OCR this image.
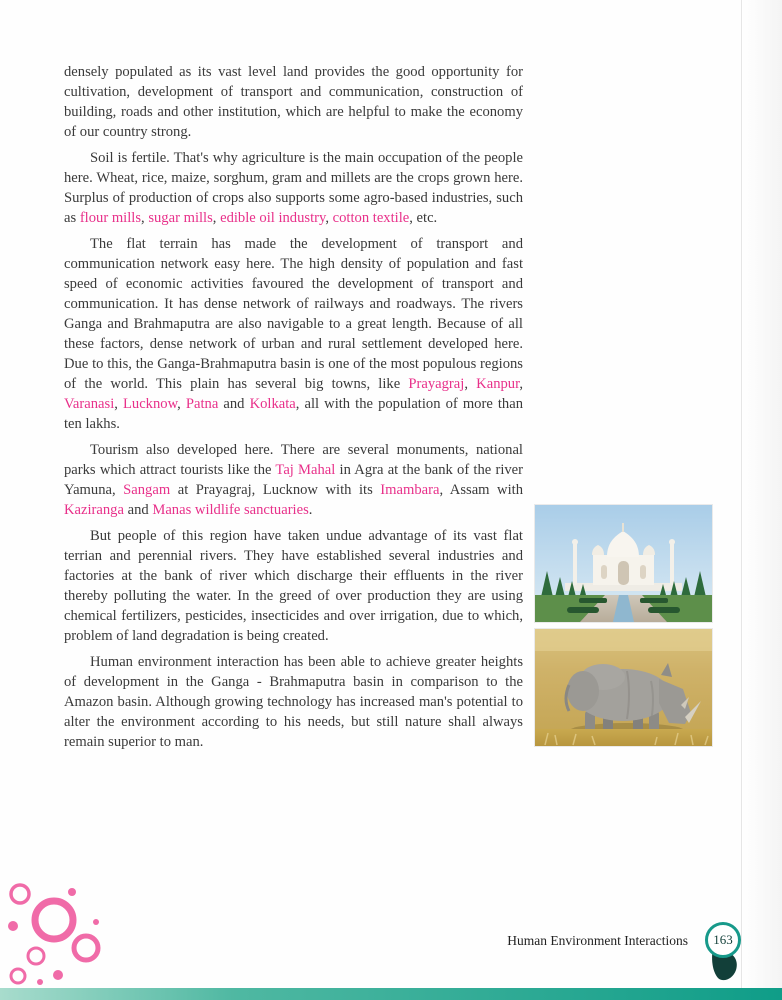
densely populated as its vast level land provides the good opportunity for cultivation, development of transport and communication, construction of building, roads and other institution, which are helpful to make the economy of our country strong.

Soil is fertile. That's why agriculture is the main occupation of the people here. Wheat, rice, maize, sorghum, gram and millets are the crops grown here. Surplus of production of crops also supports some agro-based industries, such as flour mills, sugar mills, edible oil industry, cotton textile, etc.

The flat terrain has made the development of transport and communication network easy here. The high density of population and fast speed of economic activities favoured the development of transport and communication. It has dense network of railways and roadways. The rivers Ganga and Brahmaputra are also navigable to a great length. Because of all these factors, dense network of urban and rural settlement developed here. Due to this, the Ganga-Brahmaputra basin is one of the most populous regions of the world. This plain has several big towns, like Prayagraj, Kanpur, Varanasi, Lucknow, Patna and Kolkata, all with the population of more than ten lakhs.

Tourism also developed here. There are several monuments, national parks which attract tourists like the Taj Mahal in Agra at the bank of the river Yamuna, Sangam at Prayagraj, Lucknow with its Imambara, Assam with Kaziranga and Manas wildlife sanctuaries.

But people of this region have taken undue advantage of its vast flat terrian and perennial rivers. They have established several industries and factories at the bank of river which discharge their effluents in the river thereby polluting the water. In the greed of over production they are using chemical fertilizers, pesticides, insecticides and over irrigation, due to which, problem of land degradation is being created.

Human environment interaction has been able to achieve greater heights of development in the Ganga - Brahmaputra basin in comparison to the Amazon basin. Although growing technology has increased man's potential to alter the environment according to his needs, but still nature shall always remain superior to man.

Human Environment Interactions 163
